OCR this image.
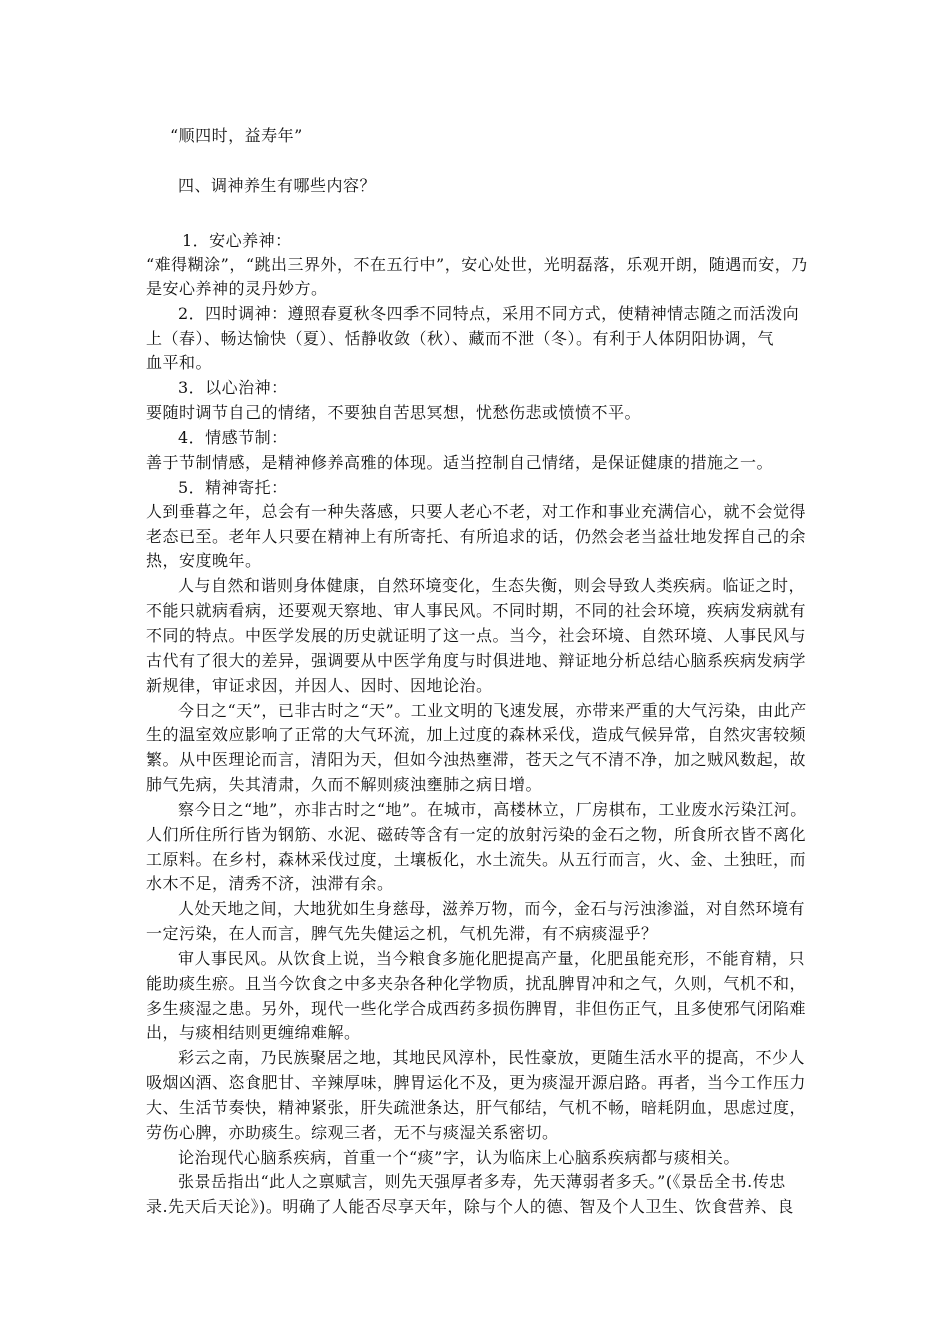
“顺四时，益寿年”
四、调神养生有哪些内容？
1．安心养神：
“难得糊涂”，“跳出三界外，不在五行中”，安心处世，光明磊落，乐观开朗，随遇而安，乃
是安心养神的灵丹妙方。
2．四时调神：遵照春夏秋冬四季不同特点，采用不同方式，使精神情志随之而活泼向
上（春）、畅达愉快（夏）、恬静收敛（秋）、藏而不泄（冬）。有利于人体阴阳协调，气
血平和。
3．以心治神：
要随时调节自己的情绪，不要独自苦思冥想，忧愁伤悲或愤愤不平。
4．情感节制：
善于节制情感，是精神修养高雅的体现。适当控制自己情绪，是保证健康的措施之一。
5．精神寄托：
人到垂暮之年，总会有一种失落感，只要人老心不老，对工作和事业充满信心，就不会觉得
老态已至。老年人只要在精神上有所寄托、有所追求的话，仍然会老当益壮地发挥自己的余
热，安度晚年。
人与自然和谐则身体健康，自然环境变化，生态失衡，则会导致人类疾病。临证之时，
不能只就病看病，还要观天察地、审人事民风。不同时期，不同的社会环境，疾病发病就有
不同的特点。中医学发展的历史就证明了这一点。当今，社会环境、自然环境、人事民风与
古代有了很大的差异，强调要从中医学角度与时俱进地、辩证地分析总结心脑系疾病发病学
新规律，审证求因，并因人、因时、因地论治。
今日之“天”，已非古时之“天”。工业文明的飞速发展，亦带来严重的大气污染，由此产
生的温室效应影响了正常的大气环流，加上过度的森林采伐，造成气候异常，自然灾害较频
繁。从中医理论而言，清阳为天，但如今浊热壅滞，苍天之气不清不净，加之贼风数起，故
肺气先病，失其清肃，久而不解则痰浊壅肺之病日增。
察今日之“地”，亦非古时之“地”。在城市，高楼林立，厂房棋布，工业废水污染江河。
人们所住所行皆为钢筋、水泥、磁砖等含有一定的放射污染的金石之物，所食所衣皆不离化
工原料。在乡村，森林采伐过度，土壤板化，水土流失。从五行而言，火、金、土独旺，而
水木不足，清秀不济，浊滞有余。
人处天地之间，大地犹如生身慈母，滋养万物，而今，金石与污浊渗溢，对自然环境有
一定污染，在人而言，脾气先失健运之机，气机先滞，有不病痰湿乎？
审人事民风。从饮食上说，当今粮食多施化肥提高产量，化肥虽能充形，不能育精，只
能助痰生瘀。且当今饮食之中多夹杂各种化学物质，扰乱脾胃冲和之气，久则，气机不和，
多生痰湿之患。另外，现代一些化学合成西药多损伤脾胃，非但伤正气，且多使邪气闭陷难
出，与痰相结则更缠绵难解。
彩云之南，乃民族聚居之地，其地民风淳朴，民性豪放，更随生活水平的提高，不少人
吸烟凶酒、恣食肥甘、辛辣厚味，脾胃运化不及，更为痰湿开源启路。再者，当今工作压力
大、生活节奏快，精神紧张，肝失疏泄条达，肝气郁结，气机不畅，暗耗阴血，思虑过度，
劳伤心脾，亦助痰生。综观三者，无不与痰湿关系密切。
论治现代心脑系疾病，首重一个“痰”字，认为临床上心脑系疾病都与痰相关。
张景岳指出“此人之禀赋言，则先天强厚者多寿，先天薄弱者多夭。”(《景岳全书.传忠
录.先天后天论》)。明确了人能否尽享天年，除与个人的德、智及个人卫生、饮食营养、良
